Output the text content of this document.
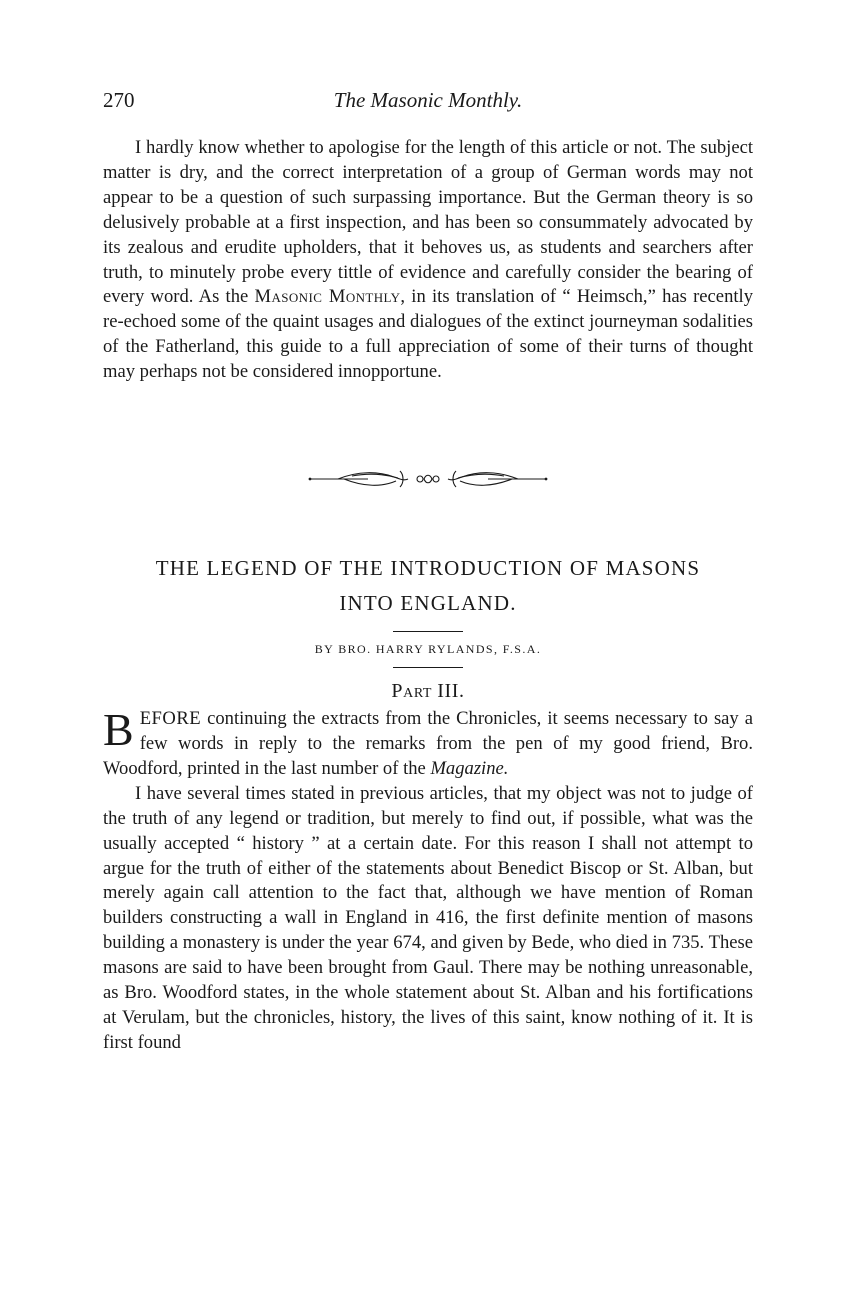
270	The Masonic Monthly.

I hardly know whether to apologise for the length of this article or not. The subject matter is dry, and the correct interpretation of a group of German words may not appear to be a question of such surpassing importance. But the German theory is so delusively probable at a first inspection, and has been so consummately advocated by its zealous and erudite upholders, that it behoves us, as students and searchers after truth, to minutely probe every tittle of evidence and carefully consider the bearing of every word. As the Masonic Monthly, in its translation of “ Heimsch,” has recently re-echoed some of the quaint usages and dialogues of the extinct journeyman sodalities of the Fatherland, this guide to a full appreciation of some of their turns of thought may perhaps not be considered innopportune.

THE LEGEND OF THE INTRODUCTION OF MASONS
INTO ENGLAND.
BY BRO. HARRY RYLANDS, F.S.A.
PART III.

BEFORE continuing the extracts from the Chronicles, it seems necessary to say a few words in reply to the remarks from the pen of my good friend, Bro. Woodford, printed in the last number of the Magazine.

I have several times stated in previous articles, that my object was not to judge of the truth of any legend or tradition, but merely to find out, if possible, what was the usually accepted “ history ” at a certain date. For this reason I shall not attempt to argue for the truth of either of the statements about Benedict Biscop or St. Alban, but merely again call attention to the fact that, although we have mention of Roman builders constructing a wall in England in 416, the first definite mention of masons building a monastery is under the year 674, and given by Bede, who died in 735. These masons are said to have been brought from Gaul. There may be nothing unreasonable, as Bro. Woodford states, in the whole statement about St. Alban and his fortifications at Verulam, but the chronicles, history, the lives of this saint, know nothing of it. It is first found
